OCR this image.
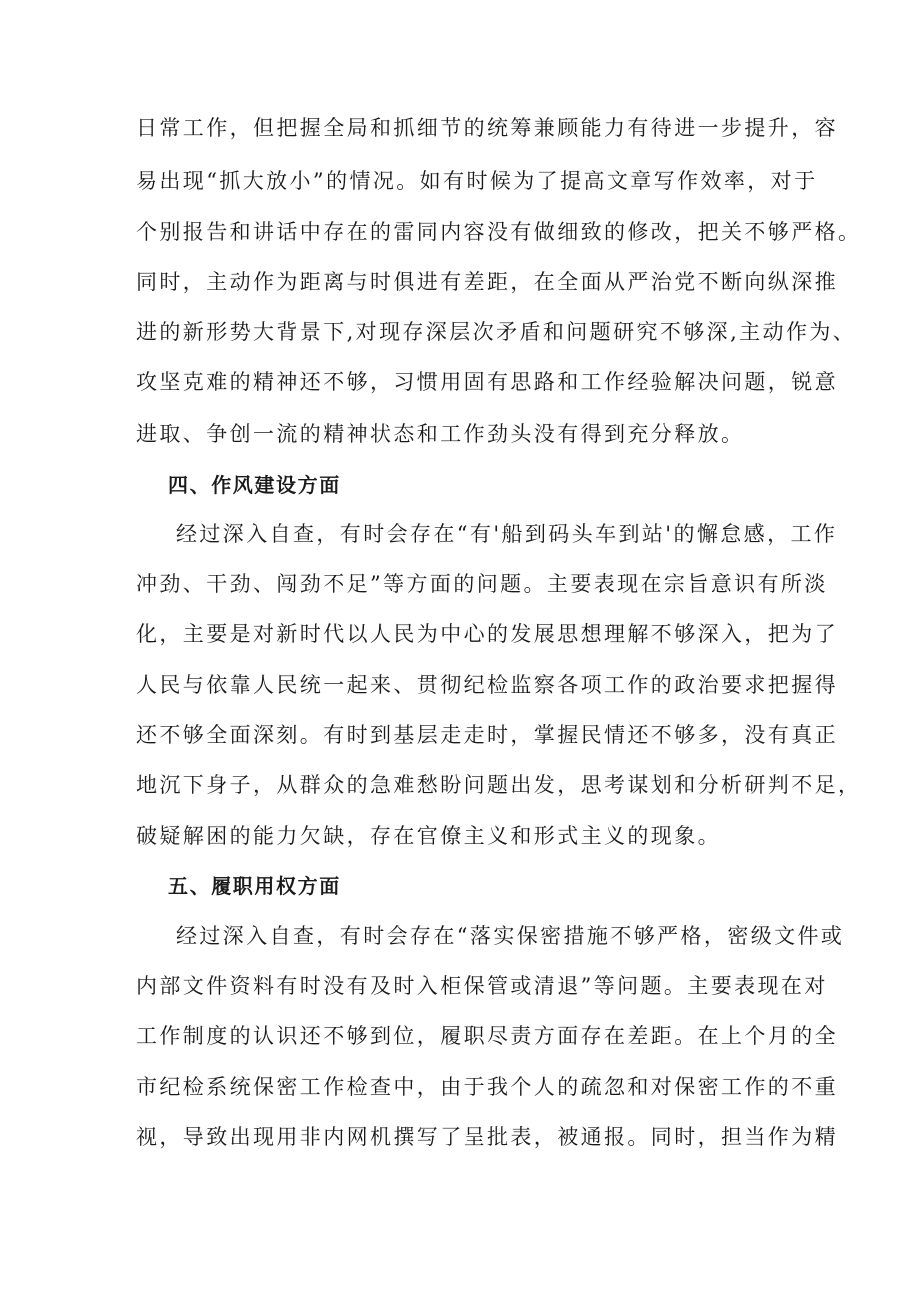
日常工作，但把握全局和抓细节的统筹兼顾能力有待进一步提升，容
易出现“抓大放小”的情况。如有时候为了提高文章写作效率，对于
个别报告和讲话中存在的雷同内容没有做细致的修改，把关不够严格。
同时，主动作为距离与时俱进有差距，在全面从严治党不断向纵深推
进的新形势大背景下,对现存深层次矛盾和问题研究不够深,主动作为、
攻坚克难的精神还不够，习惯用固有思路和工作经验解决问题，锐意
进取、争创一流的精神状态和工作劲头没有得到充分释放。
四、作风建设方面
经过深入自查，有时会存在“有'船到码头车到站'的懈怠感，工作
冲劲、干劲、闯劲不足”等方面的问题。主要表现在宗旨意识有所淡
化，主要是对新时代以人民为中心的发展思想理解不够深入，把为了
人民与依靠人民统一起来、贯彻纪检监察各项工作的政治要求把握得
还不够全面深刻。有时到基层走走时，掌握民情还不够多，没有真正
地沉下身子，从群众的急难愁盼问题出发，思考谋划和分析研判不足，
破疑解困的能力欠缺，存在官僚主义和形式主义的现象。
五、履职用权方面
经过深入自查，有时会存在“落实保密措施不够严格，密级文件或
内部文件资料有时没有及时入柜保管或清退”等问题。主要表现在对
工作制度的认识还不够到位，履职尽责方面存在差距。在上个月的全
市纪检系统保密工作检查中，由于我个人的疏忽和对保密工作的不重
视，导致出现用非内网机撰写了呈批表，被通报。同时，担当作为精
